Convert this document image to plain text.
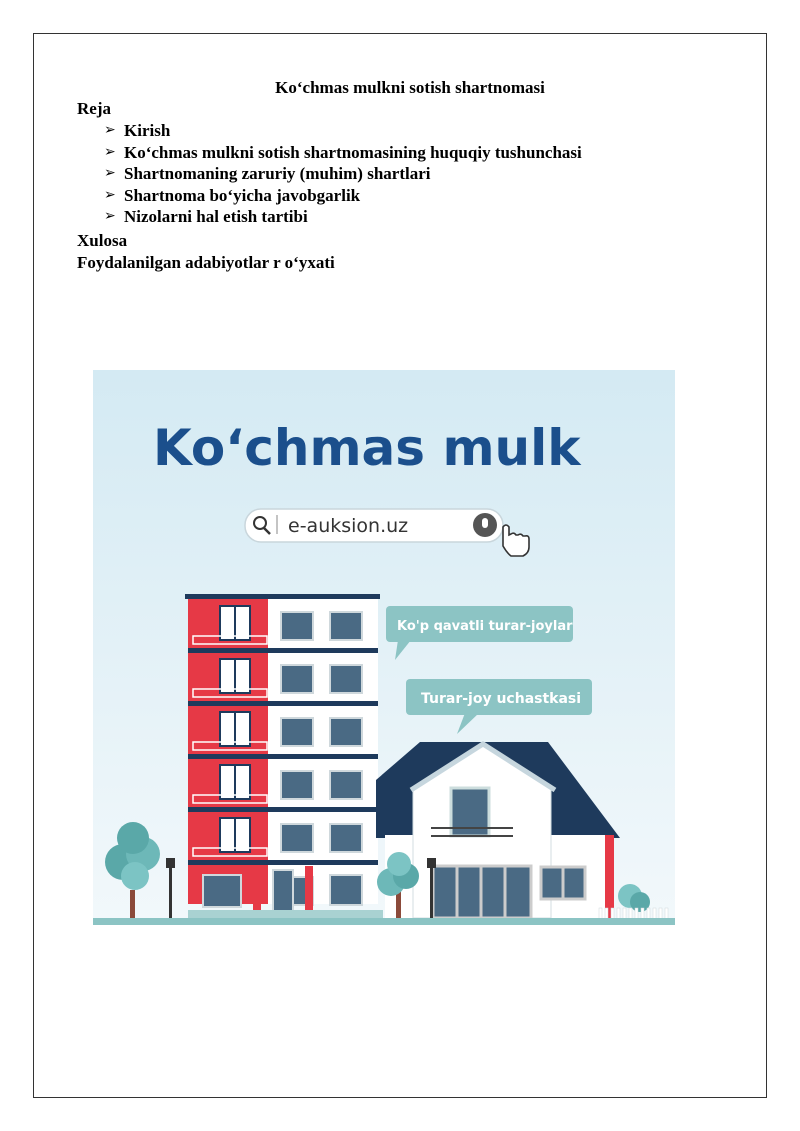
Ko‘chmas mulkni sotish shartnomasi
Reja
➢ Kirish
➢ Ko‘chmas mulkni sotish shartnomasining huquqiy tushunchasi
➢ Shartnomaning zaruriy (muhim) shartlari
➢ Shartnoma bo‘yicha javobgarlik
➢ Nizolarni hal etish tartibi
Xulosa
Foydalanilgan adabiyotlar r o‘yxati
Koʻchmas mulk
e-auksion.uz
Ko'p qavatli turar-joylar
Turar-joy uchastkasi
